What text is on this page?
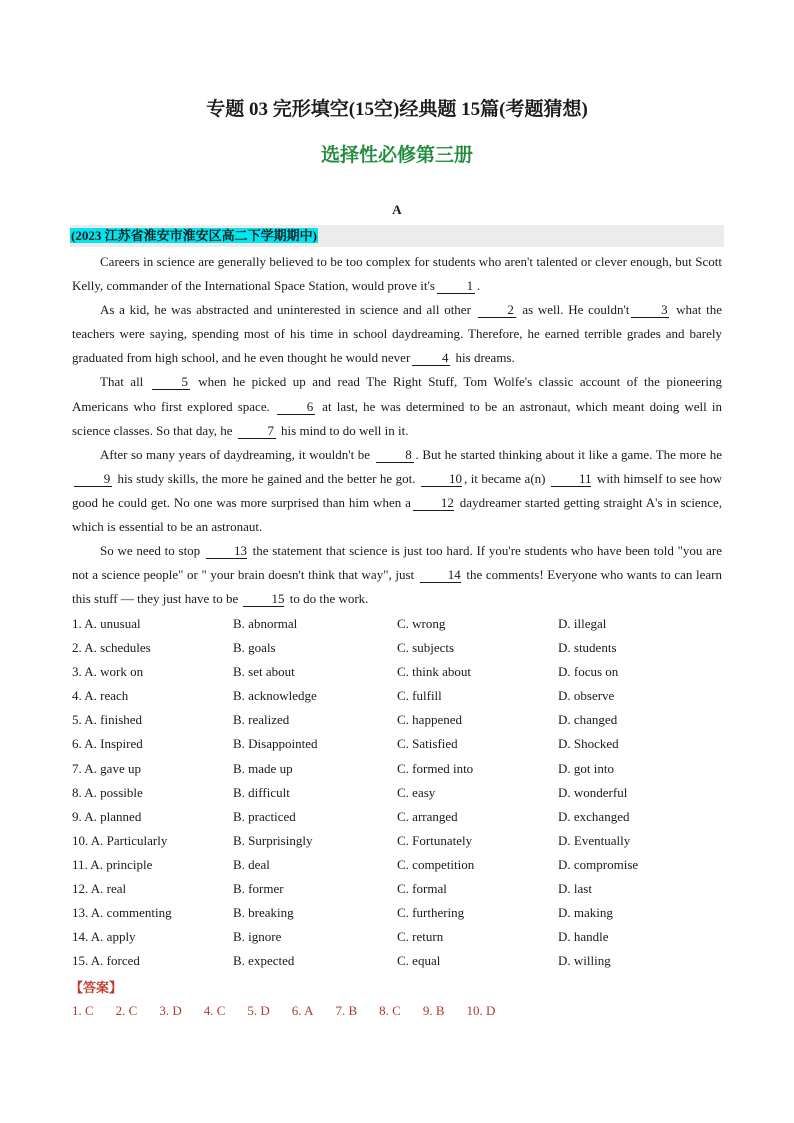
专题 03 完形填空(15空)经典题 15篇(考题猜想)
选择性必修第三册
A
(2023 江苏省淮安市淮安区高二下学期期中)

Careers in science are generally believed to be too complex for students who aren't talented or clever enough, but Scott Kelly, commander of the International Space Station, would prove it's 1 .

As a kid, he was abstracted and uninterested in science and all other 2 as well. He couldn't 3 what the teachers were saying, spending most of his time in school daydreaming. Therefore, he earned terrible grades and barely graduated from high school, and he even thought he would never 4 his dreams.

That all 5 when he picked up and read The Right Stuff, Tom Wolfe's classic account of the pioneering Americans who first explored space. 6 at last, he was determined to be an astronaut, which meant doing well in science classes. So that day, he 7 his mind to do well in it.

After so many years of daydreaming, it wouldn't be 8 . But he started thinking about it like a game. The more he 9 his study skills, the more he gained and the better he got. 10 , it became a(n) 11 with himself to see how good he could get. No one was more surprised than him when a 12 daydreamer started getting straight A's in science, which is essential to be an astronaut.

So we need to stop 13 the statement that science is just too hard. If you're students who have been told "you are not a science people" or " your brain doesn't think that way", just 14 the comments! Everyone who wants to can learn this stuff — they just have to be 15 to do the work.

1. A. unusual	B. abnormal	C. wrong	D. illegal
2. A. schedules	B. goals	C. subjects	D. students
3. A. work on	B. set about	C. think about	D. focus on
4. A. reach	B. acknowledge	C. fulfill	D. observe
5. A. finished	B. realized	C. happened	D. changed
6. A. Inspired	B. Disappointed	C. Satisfied	D. Shocked
7. A. gave up	B. made up	C. formed into	D. got into
8. A. possible	B. difficult	C. easy	D. wonderful
9. A. planned	B. practiced	C. arranged	D. exchanged
10. A. Particularly	B. Surprisingly	C. Fortunately	D. Eventually
11. A. principle	B. deal	C. competition	D. compromise
12. A. real	B. former	C. formal	D. last
13. A. commenting	B. breaking	C. furthering	D. making
14. A. apply	B. ignore	C. return	D. handle
15. A. forced	B. expected	C. equal	D. willing
【答案】
1. C 2. C 3. D 4. C 5. D 6. A 7. B 8. C 9. B 10. D
